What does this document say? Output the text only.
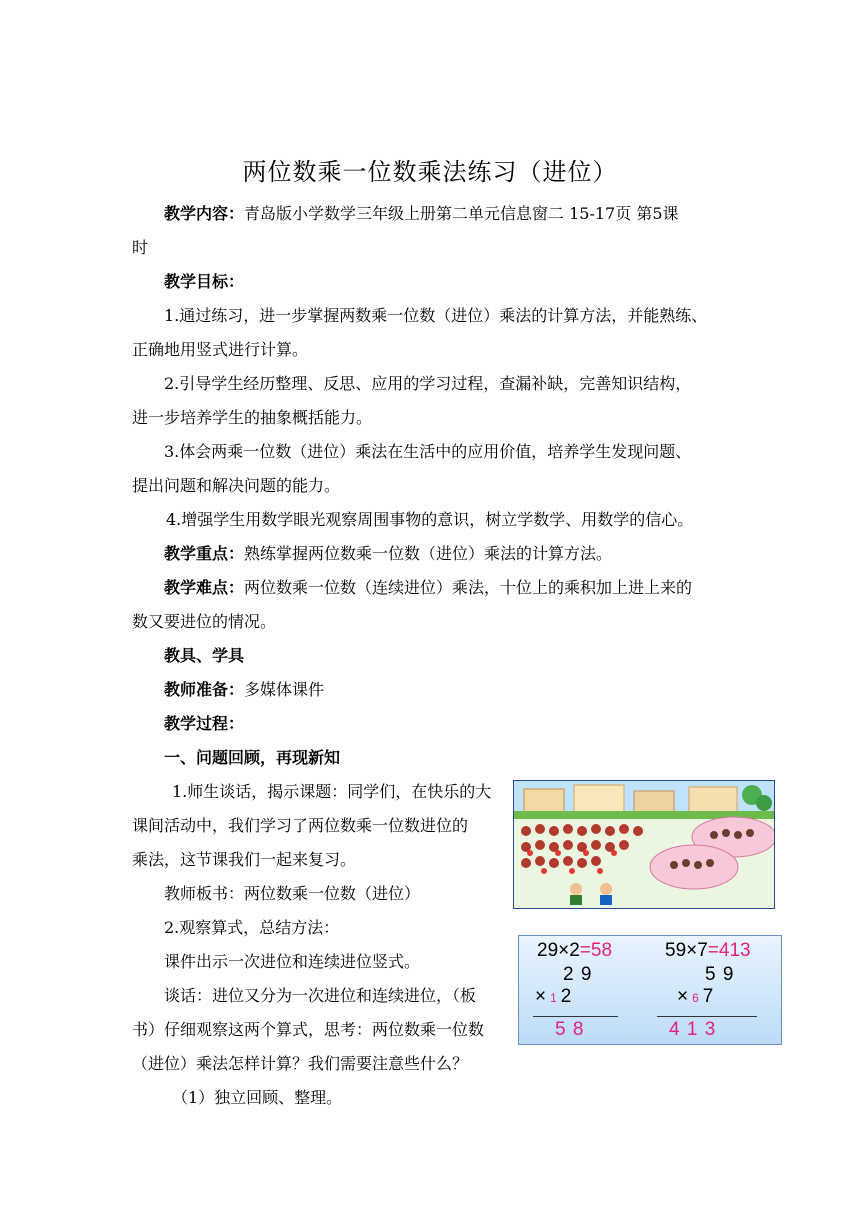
两位数乘一位数乘法练习（进位）
教学内容：青岛版小学数学三年级上册第二单元信息窗二 15-17页 第5课
时
教学目标：
1.通过练习，进一步掌握两数乘一位数（进位）乘法的计算方法，并能熟练、
正确地用竖式进行计算。
2.引导学生经历整理、反思、应用的学习过程，查漏补缺，完善知识结构，
进一步培养学生的抽象概括能力。
3.体会两乘一位数（进位）乘法在生活中的应用价值，培养学生发现问题、
提出问题和解决问题的能力。
4.增强学生用数学眼光观察周围事物的意识，树立学数学、用数学的信心。
教学重点：熟练掌握两位数乘一位数（进位）乘法的计算方法。
教学难点：两位数乘一位数（连续进位）乘法，十位上的乘积加上进上来的
数又要进位的情况。
教具、学具
教师准备：多媒体课件
教学过程：
一、问题回顾，再现新知
1.师生谈话，揭示课题：同学们，在快乐的大
课间活动中，我们学习了两位数乘一位数进位的
乘法，这节课我们一起来复习。
教师板书：两位数乘一位数（进位）
2.观察算式，总结方法：
课件出示一次进位和连续进位竖式。
谈话：进位又分为一次进位和连续进位，（板
书）仔细观察这两个算式，思考：两位数乘一位数
（进位）乘法怎样计算？我们需要注意些什么？
（1）独立回顾、整理。
29×2=58
2 9
× 1 2
5 8
59×7=413
5 9
× 6 7
4 1 3
